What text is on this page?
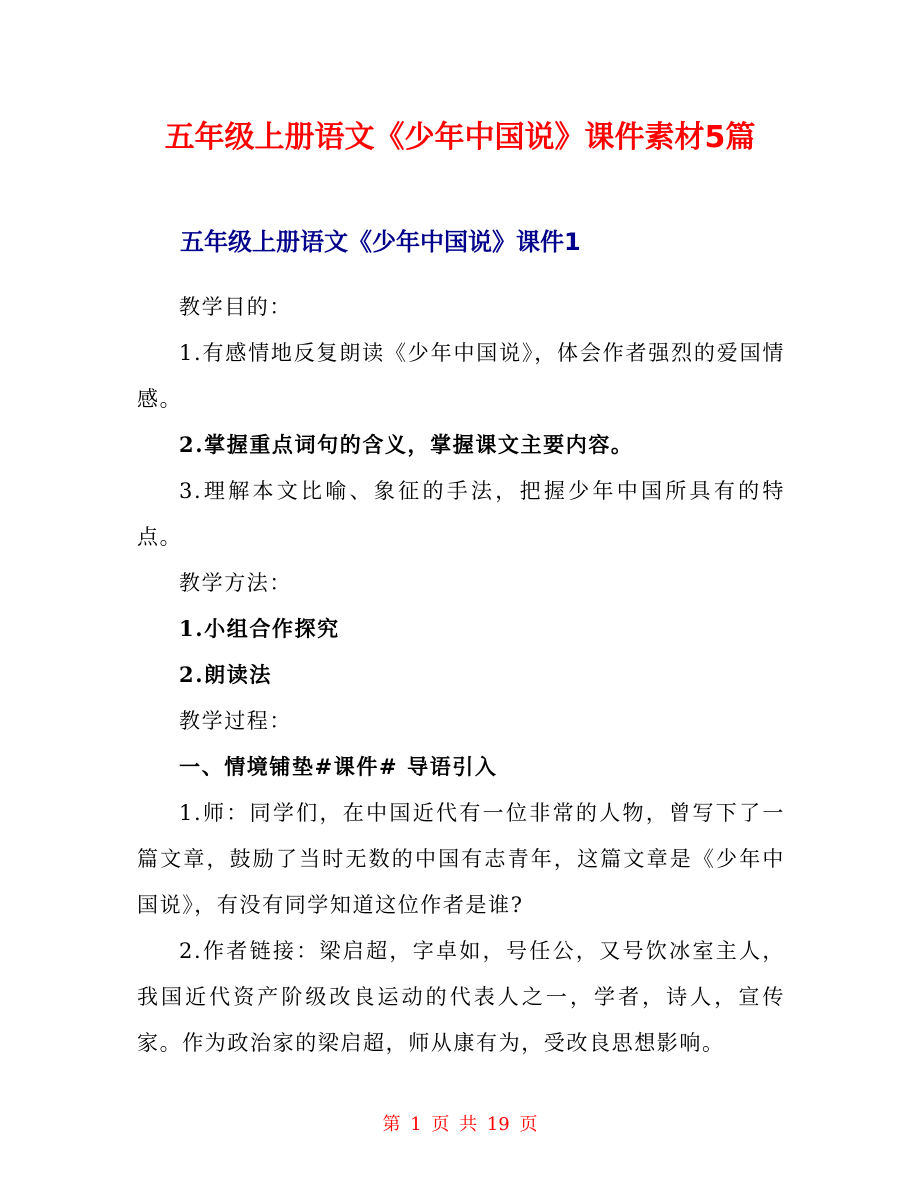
五年级上册语文《少年中国说》课件素材5篇
五年级上册语文《少年中国说》课件1

教学目的：

1.有感情地反复朗读《少年中国说》，体会作者强烈的爱国情感。

2.掌握重点词句的含义，掌握课文主要内容。

3.理解本文比喻、象征的手法，把握少年中国所具有的特点。

教学方法：

1.小组合作探究

2.朗读法

教学过程：

一、情境铺垫#课件# 导语引入

1.师：同学们，在中国近代有一位非常的人物，曾写下了一篇文章，鼓励了当时无数的中国有志青年，这篇文章是《少年中国说》，有没有同学知道这位作者是谁?

2.作者链接：梁启超，字卓如，号任公，又号饮冰室主人，我国近代资产阶级改良运动的代表人之一，学者，诗人，宣传家。作为政治家的梁启超，师从康有为，受改良思想影响。

第 1 页 共 19 页
